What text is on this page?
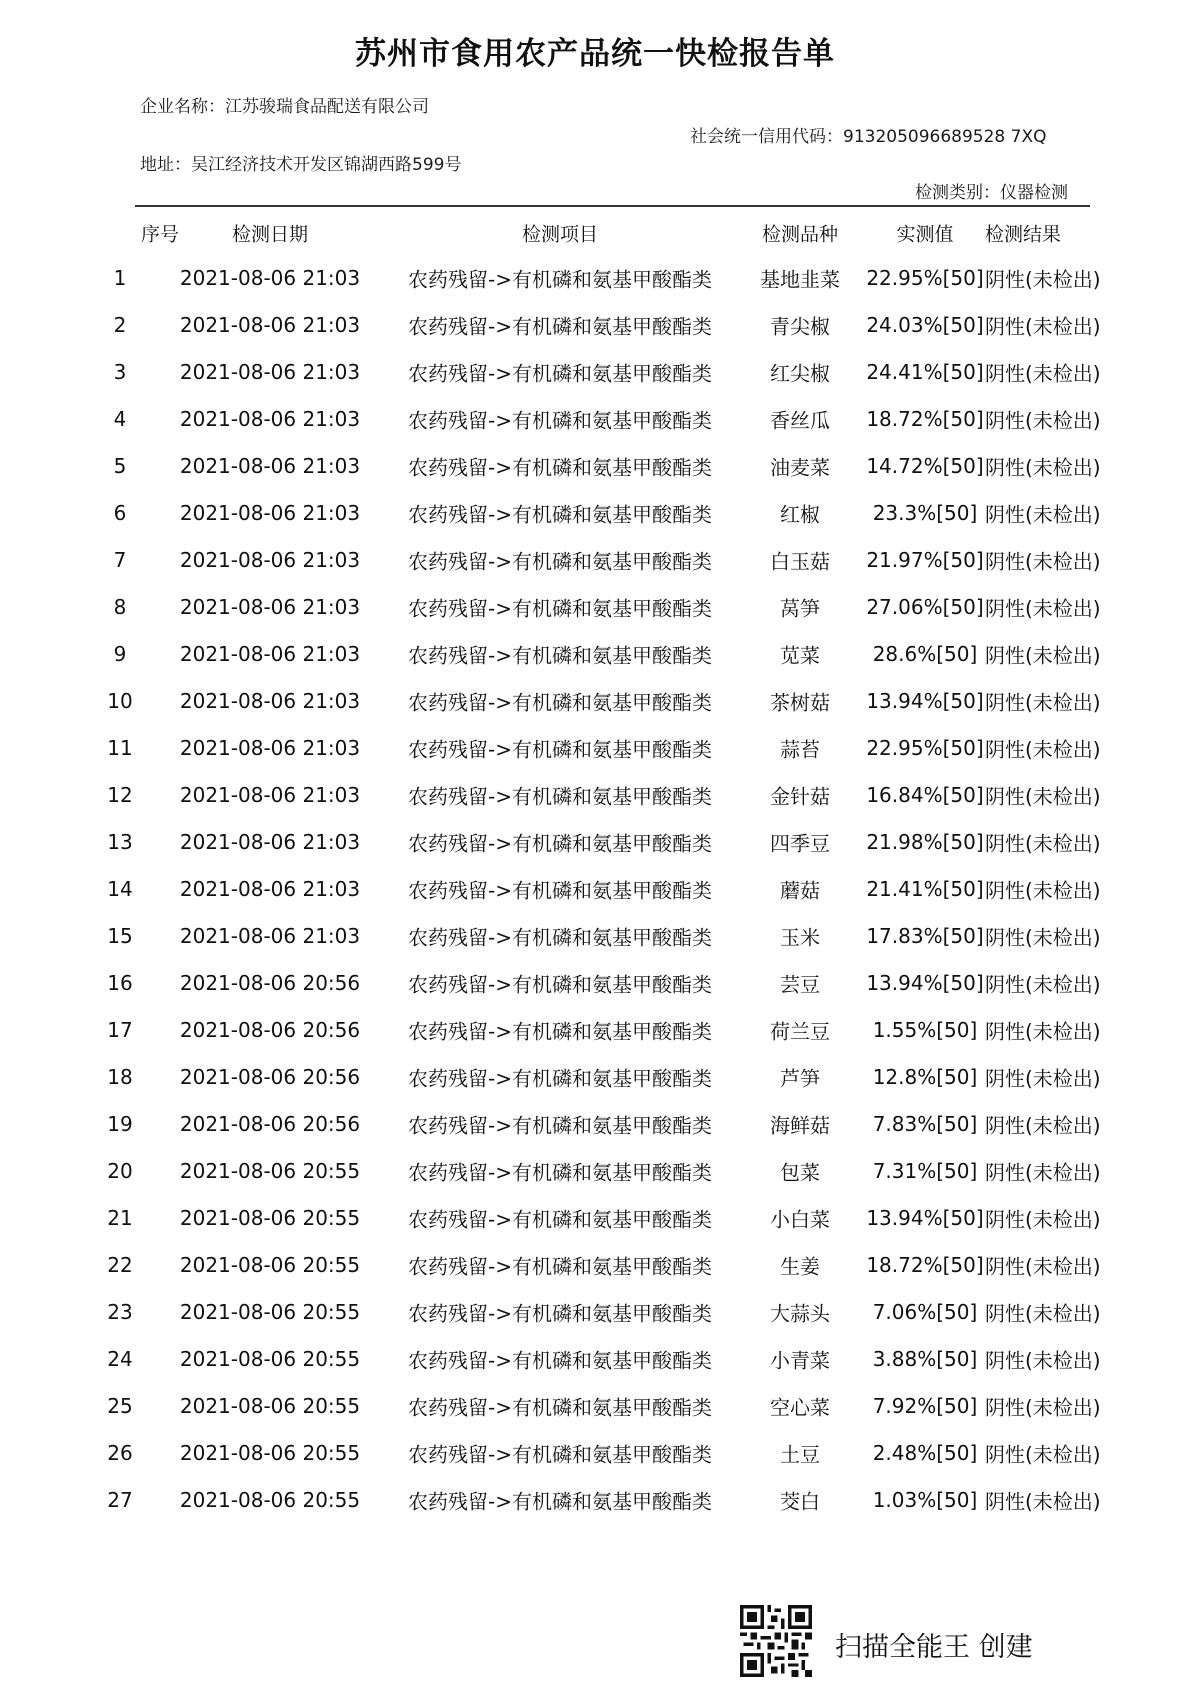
苏州市食用农产品统一快检报告单
企业名称：江苏骏瑞食品配送有限公司
社会统一信用代码：913205096689528 7XQ
地址：吴江经济技术开发区锦湖西路599号
检测类别：仪器检测
序号	检测日期	检测项目	检测品种	实测值	检测结果
1	2021-08-06 21:03	农药残留->有机磷和氨基甲酸酯类	基地韭菜	22.95%[50] 阴性(未检出)
2	2021-08-06 21:03	农药残留->有机磷和氨基甲酸酯类	青尖椒	24.03%[50] 阴性(未检出)
3	2021-08-06 21:03	农药残留->有机磷和氨基甲酸酯类	红尖椒	24.41%[50] 阴性(未检出)
4	2021-08-06 21:03	农药残留->有机磷和氨基甲酸酯类	香丝瓜	18.72%[50] 阴性(未检出)
5	2021-08-06 21:03	农药残留->有机磷和氨基甲酸酯类	油麦菜	14.72%[50] 阴性(未检出)
6	2021-08-06 21:03	农药残留->有机磷和氨基甲酸酯类	红椒	23.3%[50] 阴性(未检出)
7	2021-08-06 21:03	农药残留->有机磷和氨基甲酸酯类	白玉菇	21.97%[50] 阴性(未检出)
8	2021-08-06 21:03	农药残留->有机磷和氨基甲酸酯类	莴笋	27.06%[50] 阴性(未检出)
9	2021-08-06 21:03	农药残留->有机磷和氨基甲酸酯类	苋菜	28.6%[50] 阴性(未检出)
10	2021-08-06 21:03	农药残留->有机磷和氨基甲酸酯类	茶树菇	13.94%[50] 阴性(未检出)
11	2021-08-06 21:03	农药残留->有机磷和氨基甲酸酯类	蒜苔	22.95%[50] 阴性(未检出)
12	2021-08-06 21:03	农药残留->有机磷和氨基甲酸酯类	金针菇	16.84%[50] 阴性(未检出)
13	2021-08-06 21:03	农药残留->有机磷和氨基甲酸酯类	四季豆	21.98%[50] 阴性(未检出)
14	2021-08-06 21:03	农药残留->有机磷和氨基甲酸酯类	蘑菇	21.41%[50] 阴性(未检出)
15	2021-08-06 21:03	农药残留->有机磷和氨基甲酸酯类	玉米	17.83%[50] 阴性(未检出)
16	2021-08-06 20:56	农药残留->有机磷和氨基甲酸酯类	芸豆	13.94%[50] 阴性(未检出)
17	2021-08-06 20:56	农药残留->有机磷和氨基甲酸酯类	荷兰豆	1.55%[50] 阴性(未检出)
18	2021-08-06 20:56	农药残留->有机磷和氨基甲酸酯类	芦笋	12.8%[50] 阴性(未检出)
19	2021-08-06 20:56	农药残留->有机磷和氨基甲酸酯类	海鲜菇	7.83%[50] 阴性(未检出)
20	2021-08-06 20:55	农药残留->有机磷和氨基甲酸酯类	包菜	7.31%[50] 阴性(未检出)
21	2021-08-06 20:55	农药残留->有机磷和氨基甲酸酯类	小白菜	13.94%[50] 阴性(未检出)
22	2021-08-06 20:55	农药残留->有机磷和氨基甲酸酯类	生姜	18.72%[50] 阴性(未检出)
23	2021-08-06 20:55	农药残留->有机磷和氨基甲酸酯类	大蒜头	7.06%[50] 阴性(未检出)
24	2021-08-06 20:55	农药残留->有机磷和氨基甲酸酯类	小青菜	3.88%[50] 阴性(未检出)
25	2021-08-06 20:55	农药残留->有机磷和氨基甲酸酯类	空心菜	7.92%[50] 阴性(未检出)
26	2021-08-06 20:55	农药残留->有机磷和氨基甲酸酯类	土豆	2.48%[50] 阴性(未检出)
27	2021-08-06 20:55	农药残留->有机磷和氨基甲酸酯类	茭白	1.03%[50] 阴性(未检出)
扫描全能王 创建
